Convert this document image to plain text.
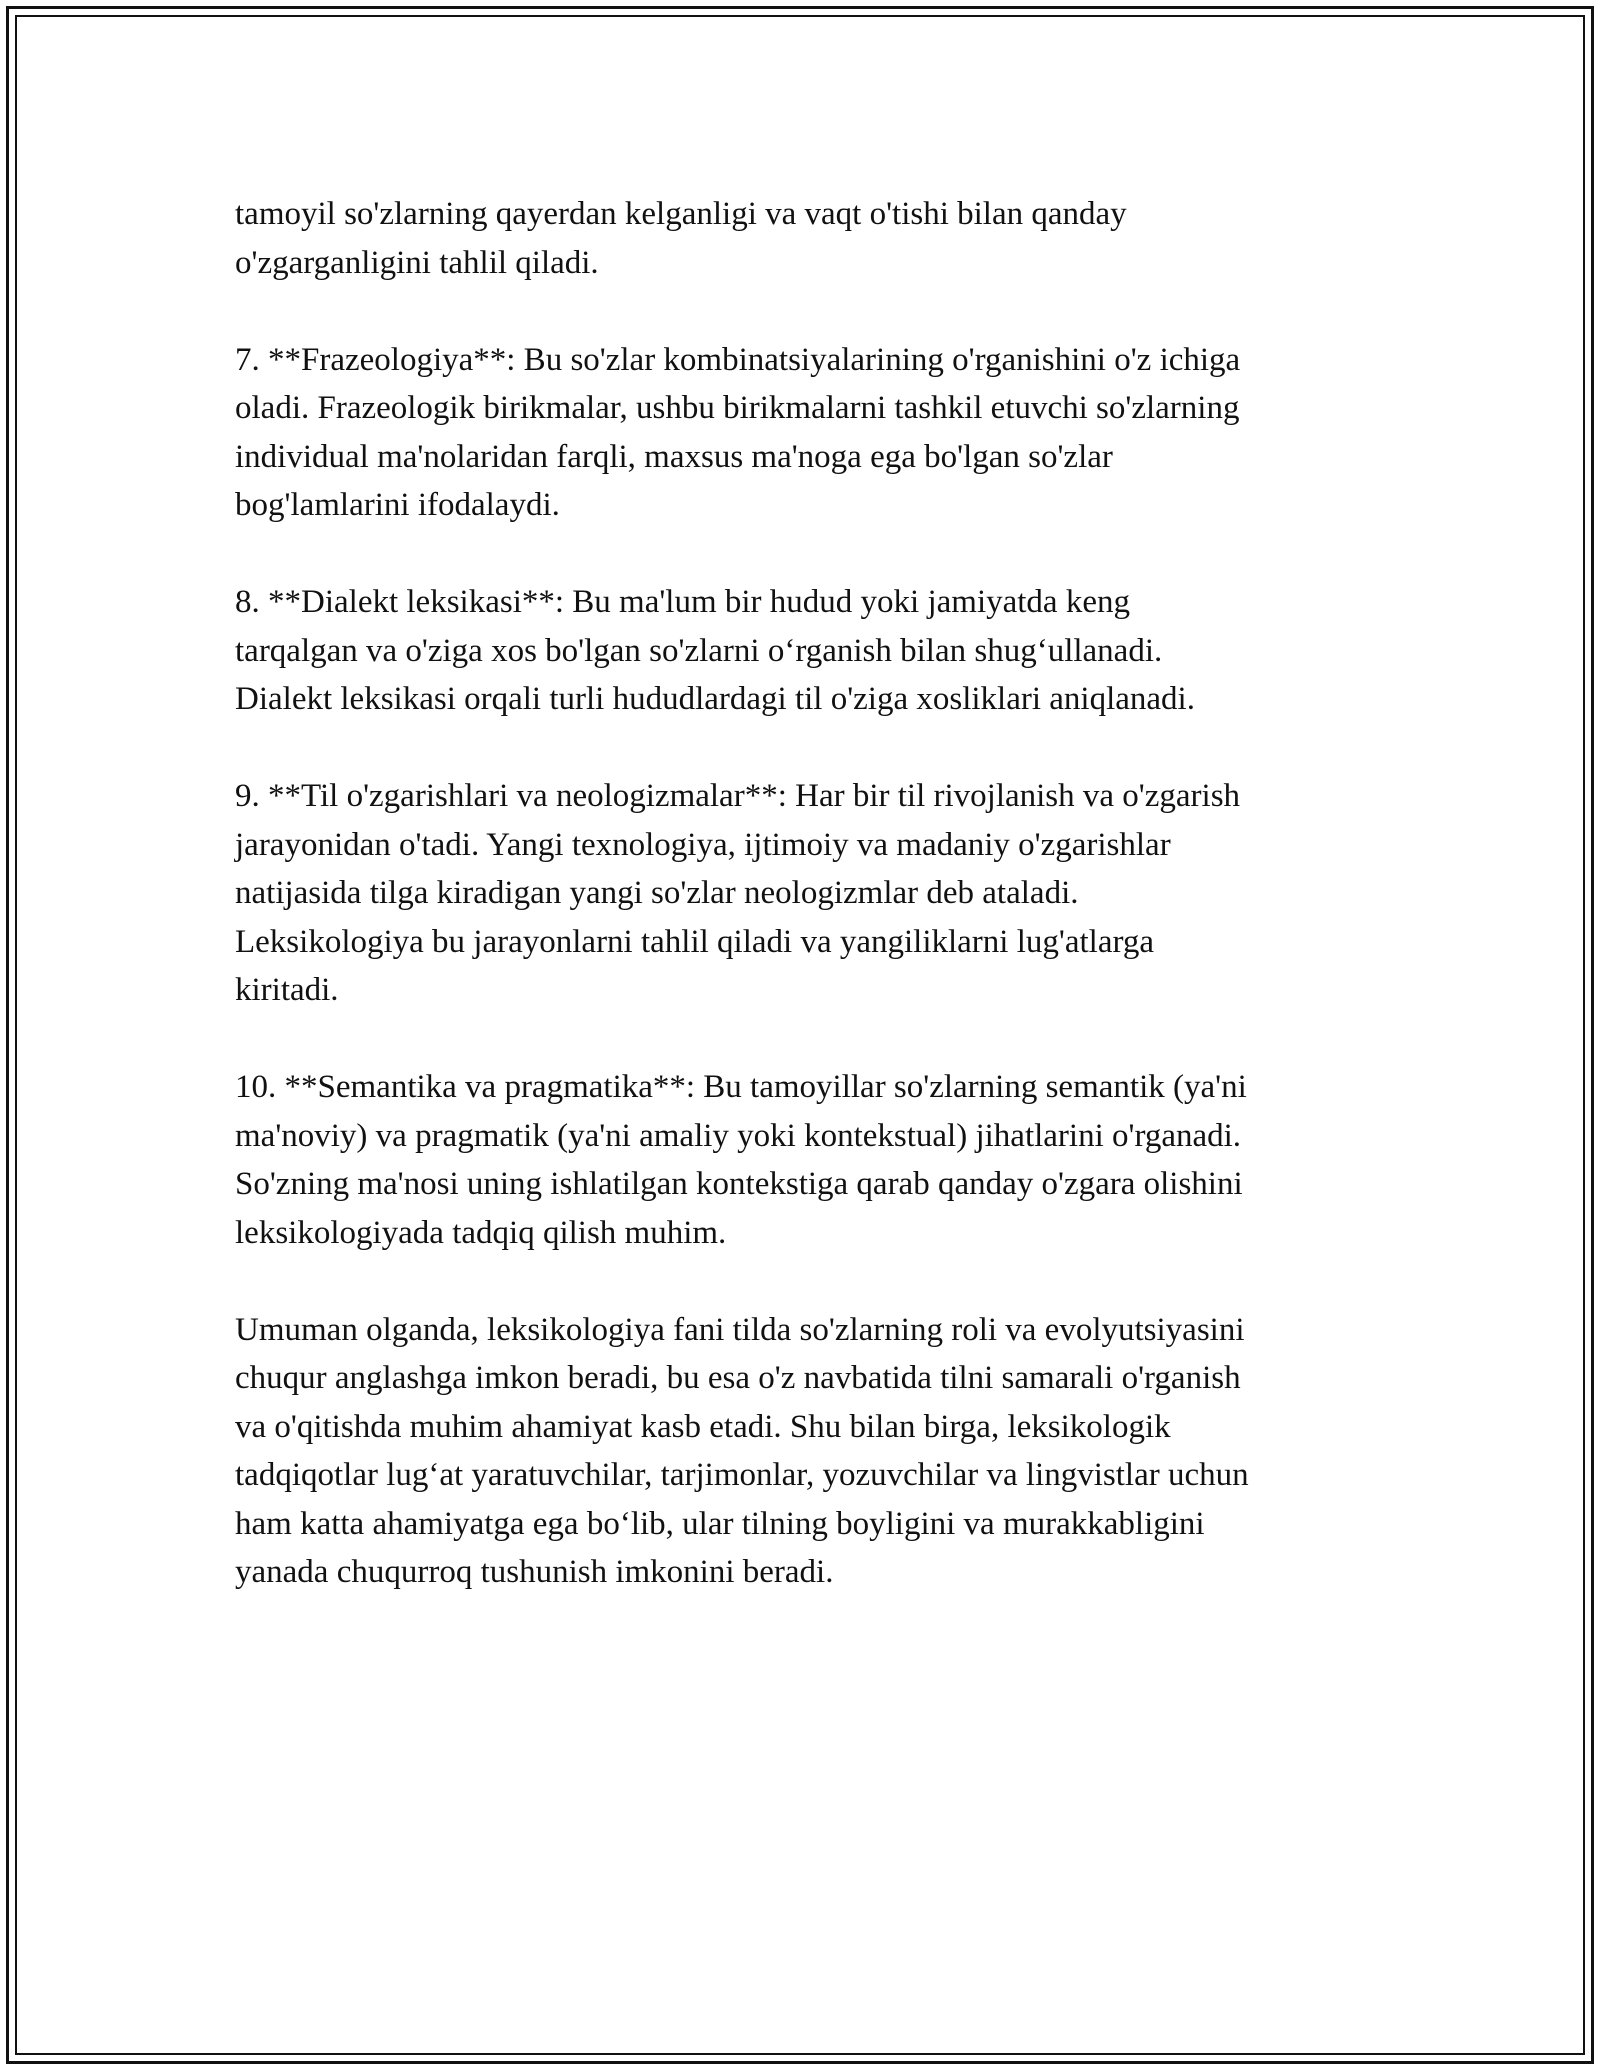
tamoyil so'zlarning qayerdan kelganligi va vaqt o'tishi bilan qanday
o'zgarganligini tahlil qiladi.

7. **Frazeologiya**: Bu so'zlar kombinatsiyalarining o'rganishini o'z ichiga
oladi. Frazeologik birikmalar, ushbu birikmalarni tashkil etuvchi so'zlarning
individual ma'nolaridan farqli, maxsus ma'noga ega bo'lgan so'zlar
bog'lamlarini ifodalaydi.

8. **Dialekt leksikasi**: Bu ma'lum bir hudud yoki jamiyatda keng
tarqalgan va o'ziga xos bo'lgan so'zlarni o‘rganish bilan shug‘ullanadi.
Dialekt leksikasi orqali turli hududlardagi til o'ziga xosliklari aniqlanadi.

9. **Til o'zgarishlari va neologizmalar**: Har bir til rivojlanish va o'zgarish
jarayonidan o'tadi. Yangi texnologiya, ijtimoiy va madaniy o'zgarishlar
natijasida tilga kiradigan yangi so'zlar neologizmlar deb ataladi.
Leksikologiya bu jarayonlarni tahlil qiladi va yangiliklarni lug'atlarga
kiritadi.

10. **Semantika va pragmatika**: Bu tamoyillar so'zlarning semantik (ya'ni
ma'noviy) va pragmatik (ya'ni amaliy yoki kontekstual) jihatlarini o'rganadi.
So'zning ma'nosi uning ishlatilgan kontekstiga qarab qanday o'zgara olishini
leksikologiyada tadqiq qilish muhim.

Umuman olganda, leksikologiya fani tilda so'zlarning roli va evolyutsiyasini
chuqur anglashga imkon beradi, bu esa o'z navbatida tilni samarali o'rganish
va o'qitishda muhim ahamiyat kasb etadi. Shu bilan birga, leksikologik
tadqiqotlar lug‘at yaratuvchilar, tarjimonlar, yozuvchilar va lingvistlar uchun
ham katta ahamiyatga ega bo‘lib, ular tilning boyligini va murakkabligini
yanada chuqurroq tushunish imkonini beradi.
